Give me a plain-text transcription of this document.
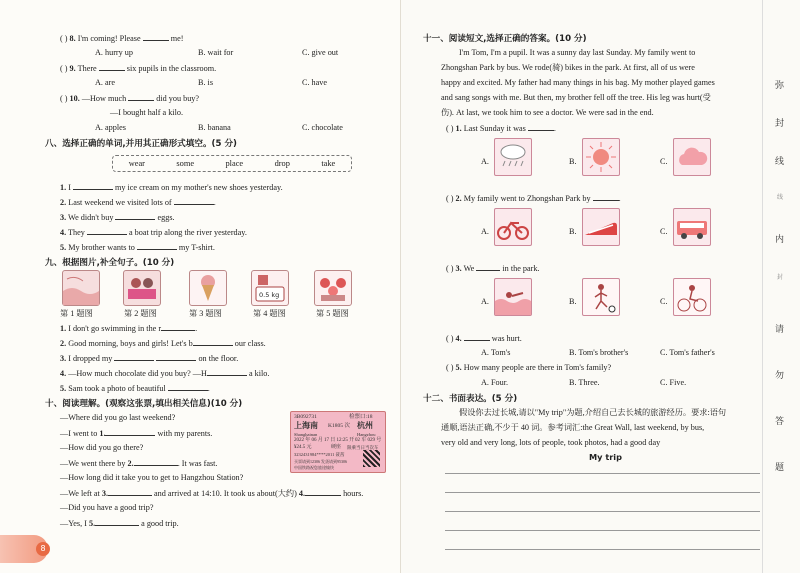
( ) 8. I'm coming! Please	me!
A. hurry up	B. wait for	C. give out
( ) 9. There	six pupils in the classroom.
A. are	B. is	C. have
( ) 10. —How much	did you buy?
—I bought half a kilo.
A. apples	B. banana	C. chocolate
八、选择正确的单词,并用其正确形式填空。(5 分)
wear	some	place	drop	take
1. I	my ice cream on my mother's new shoes yesterday.
2. Last weekend we visited lots of	.
3. We didn't buy	eggs.
4. They	a boat trip along the river yesterday.
5. My brother wants to	my T-shirt.
九、根据图片,补全句子。(10 分)
0.5 kg
第 1 题图	第 2 题图	第 3 题图	第 4 题图	第 5 题图
1. I don't go swimming in the r	.
2. Good morning, boys and girls! Let's b	our class.
3. I dropped my	on the floor.
4. —How much chocolate did you buy? —H	a kilo.
5. Sam took a photo of beautiful	.
十、阅读理解。(观察这张票,填出相关信息)(10 分)
—Where did you go last weekend?
—I went to 1.	with my parents.
—How did you go there?
—We went there by 2.	. It was fast.
—How long did it take you to get to Hangzhou Station?
—We left at 3.	and arrived at 14:10. It took us about(大约) 4.	hours.
—Did you have a good trip?
—Yes, I 5.	a good trip.
3B092731	检票口:18
上海南 K1805 次 杭州
Shanghainan	Hangzhou
2022 年 06 月 17 日 12:25 开 02 车 029 号
¥24.5 元	硬座 限乘当日当次车
3232431984****2011 聂茜
买票请到12306 发货请到95306
中国铁路祝您旅途愉快
8
十一、阅读短文,选择正确的答案。(10 分)
I'm Tom, I'm a pupil. It was a sunny day last Sunday. My family went to
Zhongshan Park by bus. We rode(骑) bikes in the park. At first, all of us were
happy and excited. My father had many things in his bag. My mother played games
and sang songs with me. But then, my brother fell off the tree. His leg was hurt(受
伤). At last, we took him to see a doctor. We were sad in the end.
( ) 1. Last Sunday it was	.
A.	B.	C.
( ) 2. My family went to Zhongshan Park by	.
A.	B.	C.
( ) 3. We	in the park.
A.	B.	C.
( ) 4.	was hurt.
A. Tom's	B. Tom's brother's	C. Tom's father's
( ) 5. How many people are there in Tom's family?
A. Four.	B. Three.	C. Five.
十二、书面表达。(5 分)
假设你去过长城,请以"My trip"为题,介绍自己去长城的旅游经历。要求:语句
通顺,语法正确,不少于 40 词。参考词汇:the Great Wall, last weekend, by bus,
very old and very long, lots of people, took photos, had a good day
My trip
弥
封
线
线
内
封
请
勿
答
题
